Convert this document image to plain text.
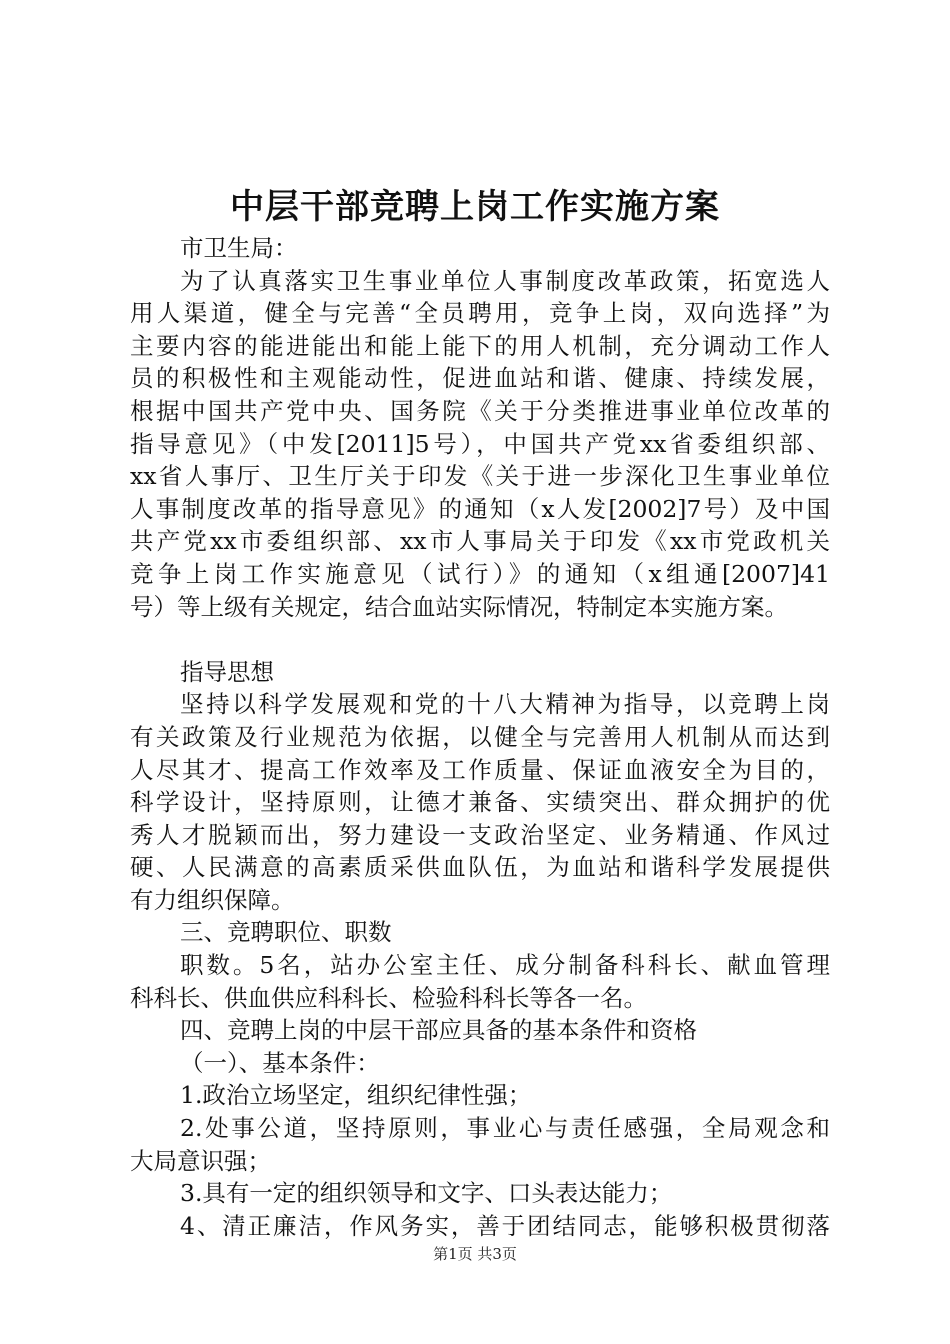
中层干部竞聘上岗工作实施方案
市卫生局：
为了认真落实卫生事业单位人事制度改革政策，拓宽选人
用人渠道，健全与完善“全员聘用，竞争上岗，双向选择”为
主要内容的能进能出和能上能下的用人机制，充分调动工作人
员的积极性和主观能动性，促进血站和谐、健康、持续发展，
根据中国共产党中央、国务院《关于分类推进事业单位改革的
指导意见》（中发[2011]5号），中国共产党xx省委组织部、
xx省人事厅、卫生厅关于印发《关于进一步深化卫生事业单位
人事制度改革的指导意见》的通知（x人发[2002]7号）及中国
共产党xx市委组织部、xx市人事局关于印发《xx市党政机关
竞争上岗工作实施意见（试行）》的通知（x组通[2007]41
号）等上级有关规定，结合血站实际情况，特制定本实施方案。
指导思想
坚持以科学发展观和党的十八大精神为指导，以竞聘上岗
有关政策及行业规范为依据，以健全与完善用人机制从而达到
人尽其才、提高工作效率及工作质量、保证血液安全为目的，
科学设计，坚持原则，让德才兼备、实绩突出、群众拥护的优
秀人才脱颖而出，努力建设一支政治坚定、业务精通、作风过
硬、人民满意的高素质采供血队伍，为血站和谐科学发展提供
有力组织保障。
三、竞聘职位、职数
职数。5名，站办公室主任、成分制备科科长、献血管理
科科长、供血供应科科长、检验科科长等各一名。
四、竞聘上岗的中层干部应具备的基本条件和资格
（一）、基本条件：
1.政治立场坚定，组织纪律性强；
2.处事公道，坚持原则，事业心与责任感强，全局观念和
大局意识强；
3.具有一定的组织领导和文字、口头表达能力；
4、清正廉洁，作风务实，善于团结同志，能够积极贯彻落
第1页 共3页
